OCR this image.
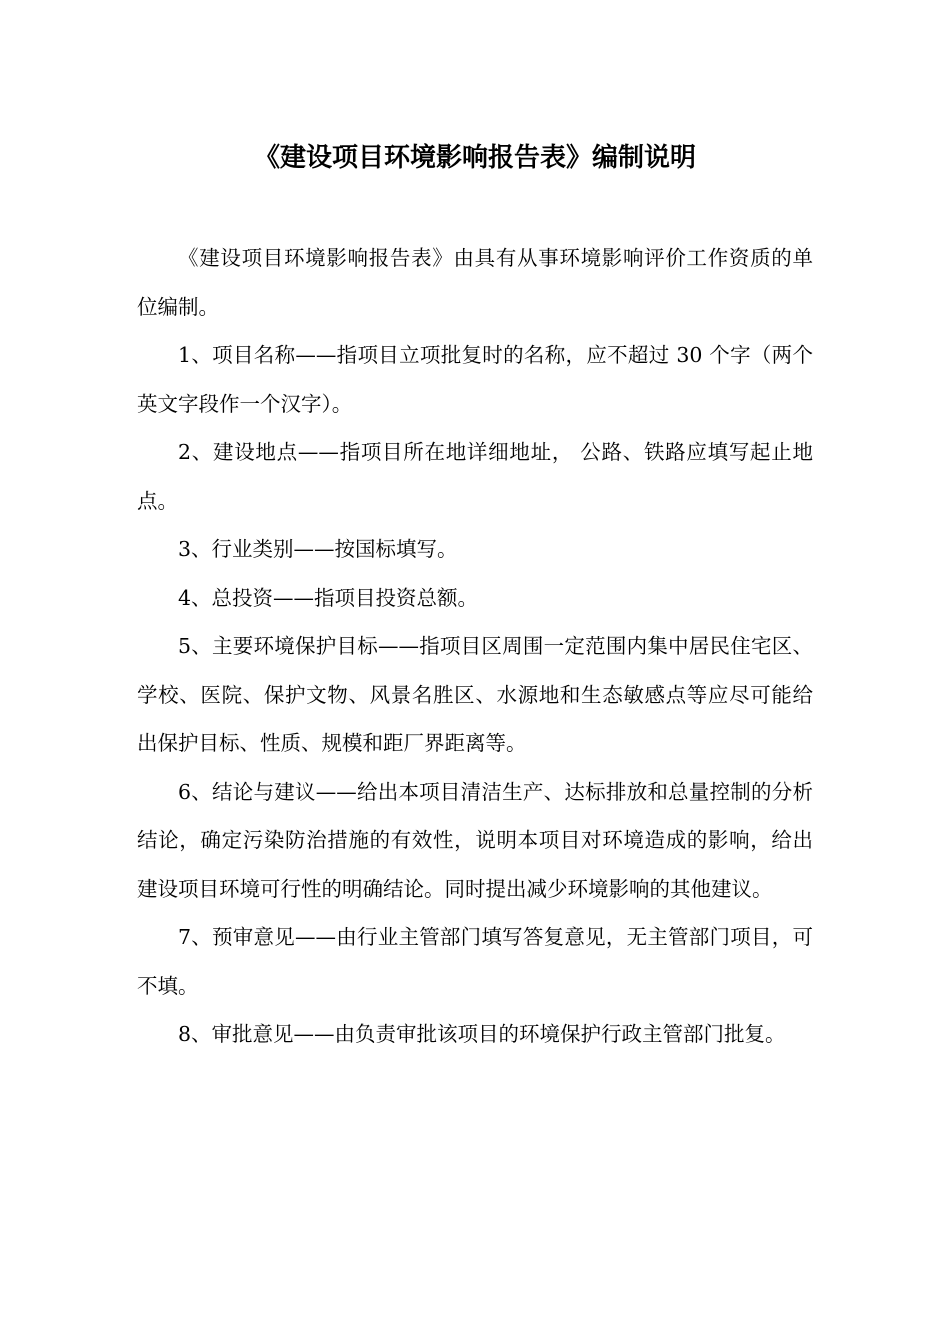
《建设项目环境影响报告表》编制说明

《建设项目环境影响报告表》由具有从事环境影响评价工作资质的单位编制。

1、项目名称——指项目立项批复时的名称，应不超过 30 个字（两个英文字段作一个汉字）。

2、建设地点——指项目所在地详细地址， 公路、铁路应填写起止地点。

3、行业类别——按国标填写。

4、总投资——指项目投资总额。

5、主要环境保护目标——指项目区周围一定范围内集中居民住宅区、学校、医院、保护文物、风景名胜区、水源地和生态敏感点等应尽可能给出保护目标、性质、规模和距厂界距离等。

6、结论与建议——给出本项目清洁生产、达标排放和总量控制的分析结论，确定污染防治措施的有效性，说明本项目对环境造成的影响，给出建设项目环境可行性的明确结论。同时提出减少环境影响的其他建议。

7、预审意见——由行业主管部门填写答复意见，无主管部门项目，可不填。

8、审批意见——由负责审批该项目的环境保护行政主管部门批复。
